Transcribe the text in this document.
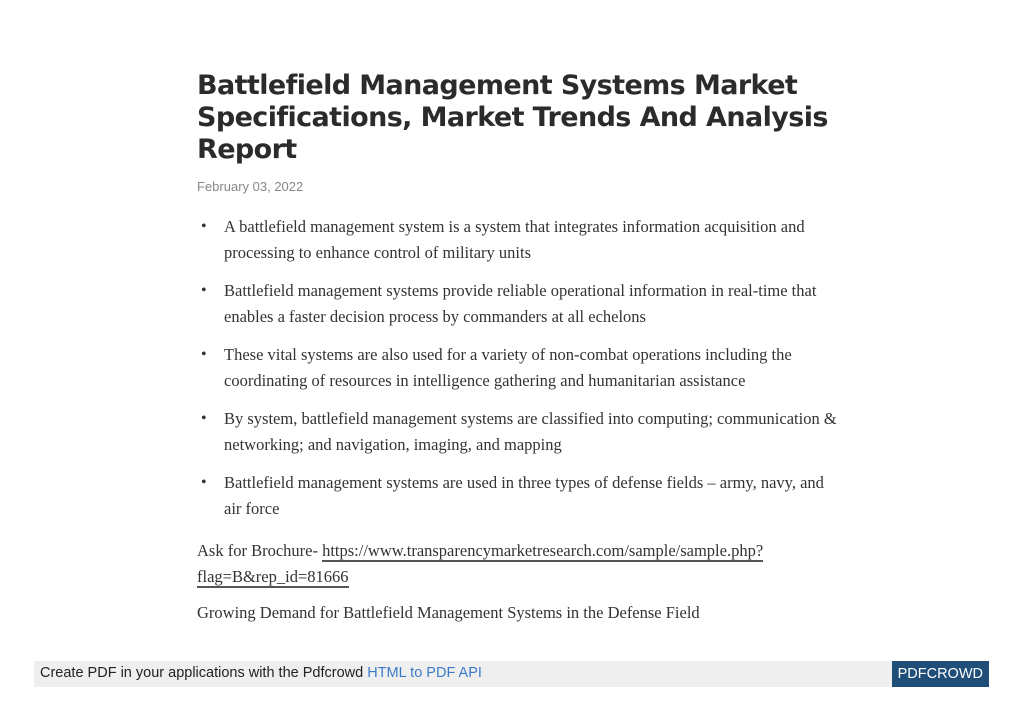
Battlefield Management Systems Market Specifications, Market Trends And Analysis Report
February 03, 2022
• A battlefield management system is a system that integrates information acquisition and processing to enhance control of military units
• Battlefield management systems provide reliable operational information in real-time that enables a faster decision process by commanders at all echelons
• These vital systems are also used for a variety of non-combat operations including the coordinating of resources in intelligence gathering and humanitarian assistance
• By system, battlefield management systems are classified into computing; communication & networking; and navigation, imaging, and mapping
• Battlefield management systems are used in three types of defense fields – army, navy, and air force

Ask for Brochure- https://www.transparencymarketresearch.com/sample/sample.php?flag=B&rep_id=81666

Growing Demand for Battlefield Management Systems in the Defense Field

Create PDF in your applications with the Pdfcrowd HTML to PDF API	PDFCROWD
